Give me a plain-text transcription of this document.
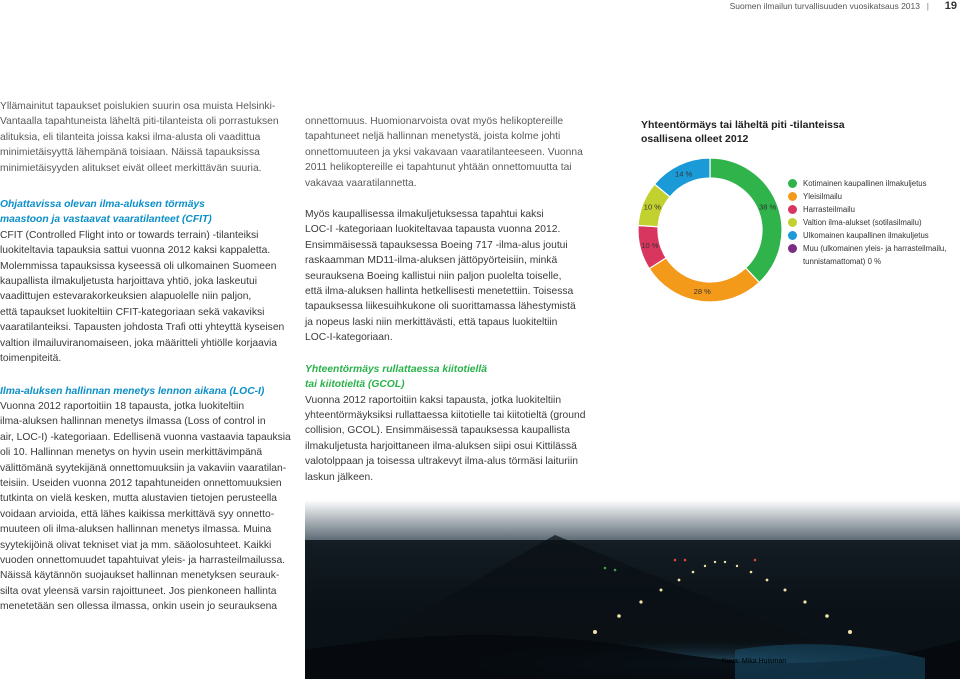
Suomen ilmailun turvallisuuden vuosikatsaus 2013 | 19

Yllämainitut tapaukset poislukien suurin osa muista Helsinki-

Vantaalla tapahtuneista läheltä piti-tilanteista oli porrastuksen

alituksia, eli tilanteita joissa kaksi ilma-alusta oli vaadittua

minimietäisyyttä lähempänä toisiaan. Näissä tapauksissa

minimietäisyyden alitukset eivät olleet merkittävän suuria.

Ohjattavissa olevan ilma-aluksen törmäys

maastoon ja vastaavat vaaratilanteet (CFIT)

CFIT (Controlled Flight into or towards terrain) -tilanteiksi

luokiteltavia tapauksia sattui vuonna 2012 kaksi kappaletta.

Molemmissa tapauksissa kyseessä oli ulkomainen Suomeen

kaupallista ilmakuljetusta harjoittava yhtiö, joka laskeutui

vaadittujen estevarakorkeuksien alapuolelle niin paljon,

että tapaukset luokiteltiin CFIT-kategoriaan sekä vakaviksi

vaaratilanteiksi. Tapausten johdosta Trafi otti yhteyttä kyseisen

valtion ilmailuviranomaiseen, joka määritteli yhtiölle korjaavia

toimenpiteitä.

Ilma-aluksen hallinnan menetys lennon aikana (LOC-I)

Vuonna 2012 raportoitiin 18 tapausta, jotka luokiteltiin

ilma-aluksen hallinnan menetys ilmassa (Loss of control in

air, LOC-I) -kategoriaan. Edellisenä vuonna vastaavia tapauksia

oli 10. Hallinnan menetys on hyvin usein merkittävimpänä

välittömänä syytekijänä onnettomuuksiin ja vakaviin vaaratilan-

teisiin. Useiden vuonna 2012 tapahtuneiden onnettomuuksien

tutkinta on vielä kesken, mutta alustavien tietojen perusteella

voidaan arvioida, että lähes kaikissa merkittävä syy onnetto-

muuteen oli ilma-aluksen hallinnan menetys ilmassa. Muina

syytekijöinä olivat tekniset viat ja mm. sääolosuhteet. Kaikki

vuoden onnettomuudet tapahtuivat yleis- ja harrasteilmailussa.

Näissä käytännön suojaukset hallinnan menetyksen seurauk-

silta ovat yleensä varsin rajoittuneet. Jos pienkoneen hallinta

menetetään sen ollessa ilmassa, onkin usein jo seurauksena

onnettomuus. Huomionarvoista ovat myös helikoptereille

tapahtuneet neljä hallinnan menetystä, joista kolme johti

onnettomuuteen ja yksi vakavaan vaaratilanteeseen. Vuonna

2011 helikoptereille ei tapahtunut yhtään onnettomuutta tai

vakavaa vaaratilannetta.

Myös kaupallisessa ilmakuljetuksessa tapahtui kaksi

LOC-I -kategoriaan luokiteltavaa tapausta vuonna 2012.

Ensimmäisessä tapauksessa Boeing 717 -ilma-alus joutui

raskaamman MD11-ilma-aluksen jättöpyörteisiin, minkä

seurauksena Boeing kallistui niin paljon puolelta toiselle,

että ilma-aluksen hallinta hetkellisesti menetettiin. Toisessa

tapauksessa liikesuihkukone oli suorittamassa lähestymistä

ja nopeus laski niin merkittävästi, että tapaus luokiteltiin

LOC-I-kategoriaan.

Yhteentörmäys rullattaessa kiitotiellä

tai kiitotieltä (GCOL)

Vuonna 2012 raportoitiin kaksi tapausta, jotka luokiteltiin

yhteentörmäyksiksi rullattaessa kiitotielle tai kiitotieltä (ground

collision, GCOL). Ensimmäisessä tapauksessa kaupallista

ilmakuljetusta harjoittaneen ilma-aluksen siipi osui Kittilässä

valotolppaan ja toisessa ultrakevyt ilma-alus törmäsi laituriin

laskun jälkeen.

Yhteentörmäys tai läheltä piti -tilanteissa
osallisena olleet 2012
38 %
28 %
10 %
10 %
14 %
Kotimainen kaupallinen ilmakuljetus
Yleisilmailu
Harrasteilmailu
Valtion ilma-alukset (sotilasilmailu)
Ulkomainen kaupallinen ilmakuljetus
Muu (ulkomainen yleis- ja harrasteilmailu,
tunnistamattomat) 0 %
Kuva: Mika Huisman
